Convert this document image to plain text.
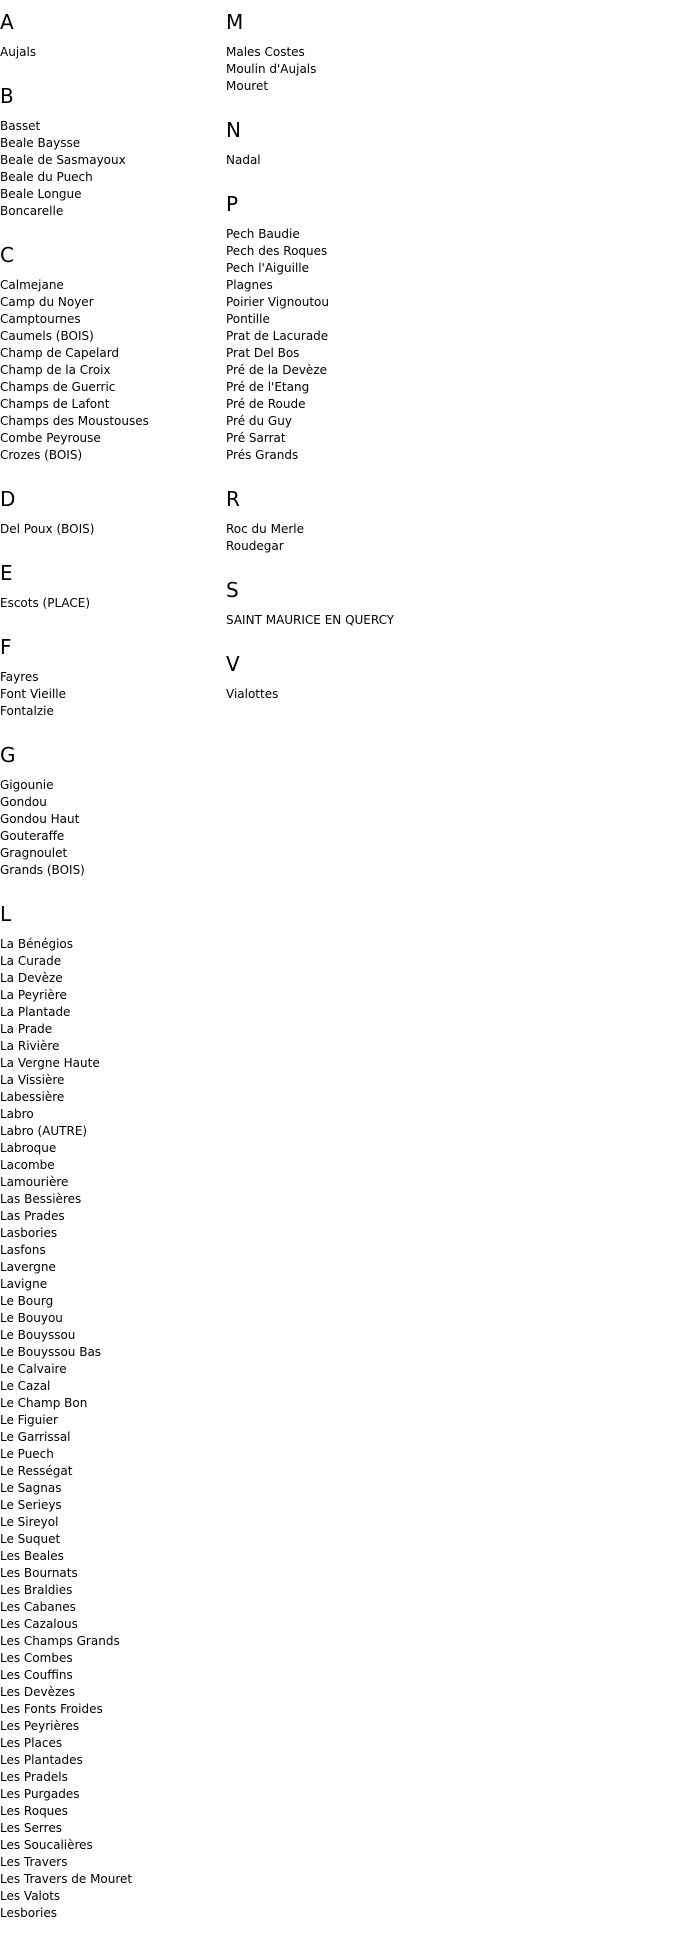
A
Aujals
B
Basset
Beale Baysse
Beale de Sasmayoux
Beale du Puech
Beale Longue
Boncarelle
C
Calmejane
Camp du Noyer
Camptournes
Caumels (BOIS)
Champ de Capelard
Champ de la Croix
Champs de Guerric
Champs de Lafont
Champs des Moustouses
Combe Peyrouse
Crozes (BOIS)
D
Del Poux (BOIS)
E
Escots (PLACE)
F
Fayres
Font Vieille
Fontalzie
G
Gigounie
Gondou
Gondou Haut
Gouteraffe
Gragnoulet
Grands (BOIS)
L
La Bénégios
La Curade
La Devèze
La Peyrière
La Plantade
La Prade
La Rivière
La Vergne Haute
La Vissière
Labessière
Labro
Labro (AUTRE)
Labroque
Lacombe
Lamourière
Las Bessières
Las Prades
Lasbories
Lasfons
Lavergne
Lavigne
Le Bourg
Le Bouyou
Le Bouyssou
Le Bouyssou Bas
Le Calvaire
Le Cazal
Le Champ Bon
Le Figuier
Le Garrissal
Le Puech
Le Rességat
Le Sagnas
Le Serieys
Le Sireyol
Le Suquet
Les Beales
Les Bournats
Les Braldies
Les Cabanes
Les Cazalous
Les Champs Grands
Les Combes
Les Couffins
Les Devèzes
Les Fonts Froides
Les Peyrières
Les Places
Les Plantades
Les Pradels
Les Purgades
Les Roques
Les Serres
Les Soucalières
Les Travers
Les Travers de Mouret
Les Valots
Lesbories
M
Males Costes
Moulin d'Aujals
Mouret
N
Nadal
P
Pech Baudie
Pech des Roques
Pech l'Aiguille
Plagnes
Poirier Vignoutou
Pontille
Prat de Lacurade
Prat Del Bos
Pré de la Devèze
Pré de l'Etang
Pré de Roude
Pré du Guy
Pré Sarrat
Prés Grands
R
Roc du Merle
Roudegar
S
SAINT MAURICE EN QUERCY
V
Vialottes
